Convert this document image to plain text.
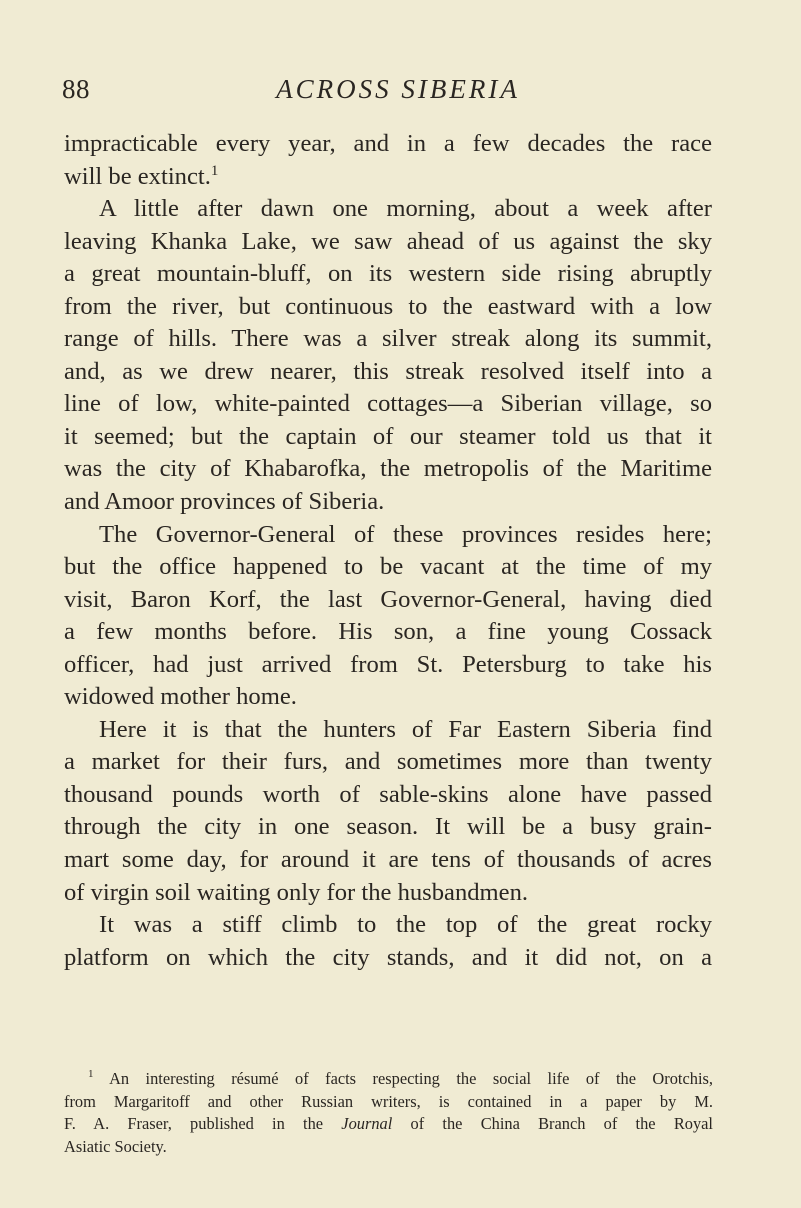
88	ACROSS SIBERIA
impracticable every year, and in a few decades the race
will be extinct.$^1$
A little after dawn one morning, about a week after
leaving Khanka Lake, we saw ahead of us against the sky
a great mountain-bluff, on its western side rising abruptly
from the river, but continuous to the eastward with a low
range of hills. There was a silver streak along its summit,
and, as we drew nearer, this streak resolved itself into a
line of low, white-painted cottages—a Siberian village, so
it seemed; but the captain of our steamer told us that it
was the city of Khabarofka, the metropolis of the Maritime
and Amoor provinces of Siberia.
The Governor-General of these provinces resides here;
but the office happened to be vacant at the time of my
visit, Baron Korf, the last Governor-General, having died
a few months before. His son, a fine young Cossack
officer, had just arrived from St. Petersburg to take his
widowed mother home.
Here it is that the hunters of Far Eastern Siberia find
a market for their furs, and sometimes more than twenty
thousand pounds worth of sable-skins alone have passed
through the city in one season. It will be a busy grain-
mart some day, for around it are tens of thousands of acres
of virgin soil waiting only for the husbandmen.
It was a stiff climb to the top of the great rocky
platform on which the city stands, and it did not, on a
$^1$ An interesting résumé of facts respecting the social life of the Orotchis,
from Margaritoff and other Russian writers, is contained in a paper by M.
F. A. Fraser, published in the Journal of the China Branch of the Royal
Asiatic Society.
